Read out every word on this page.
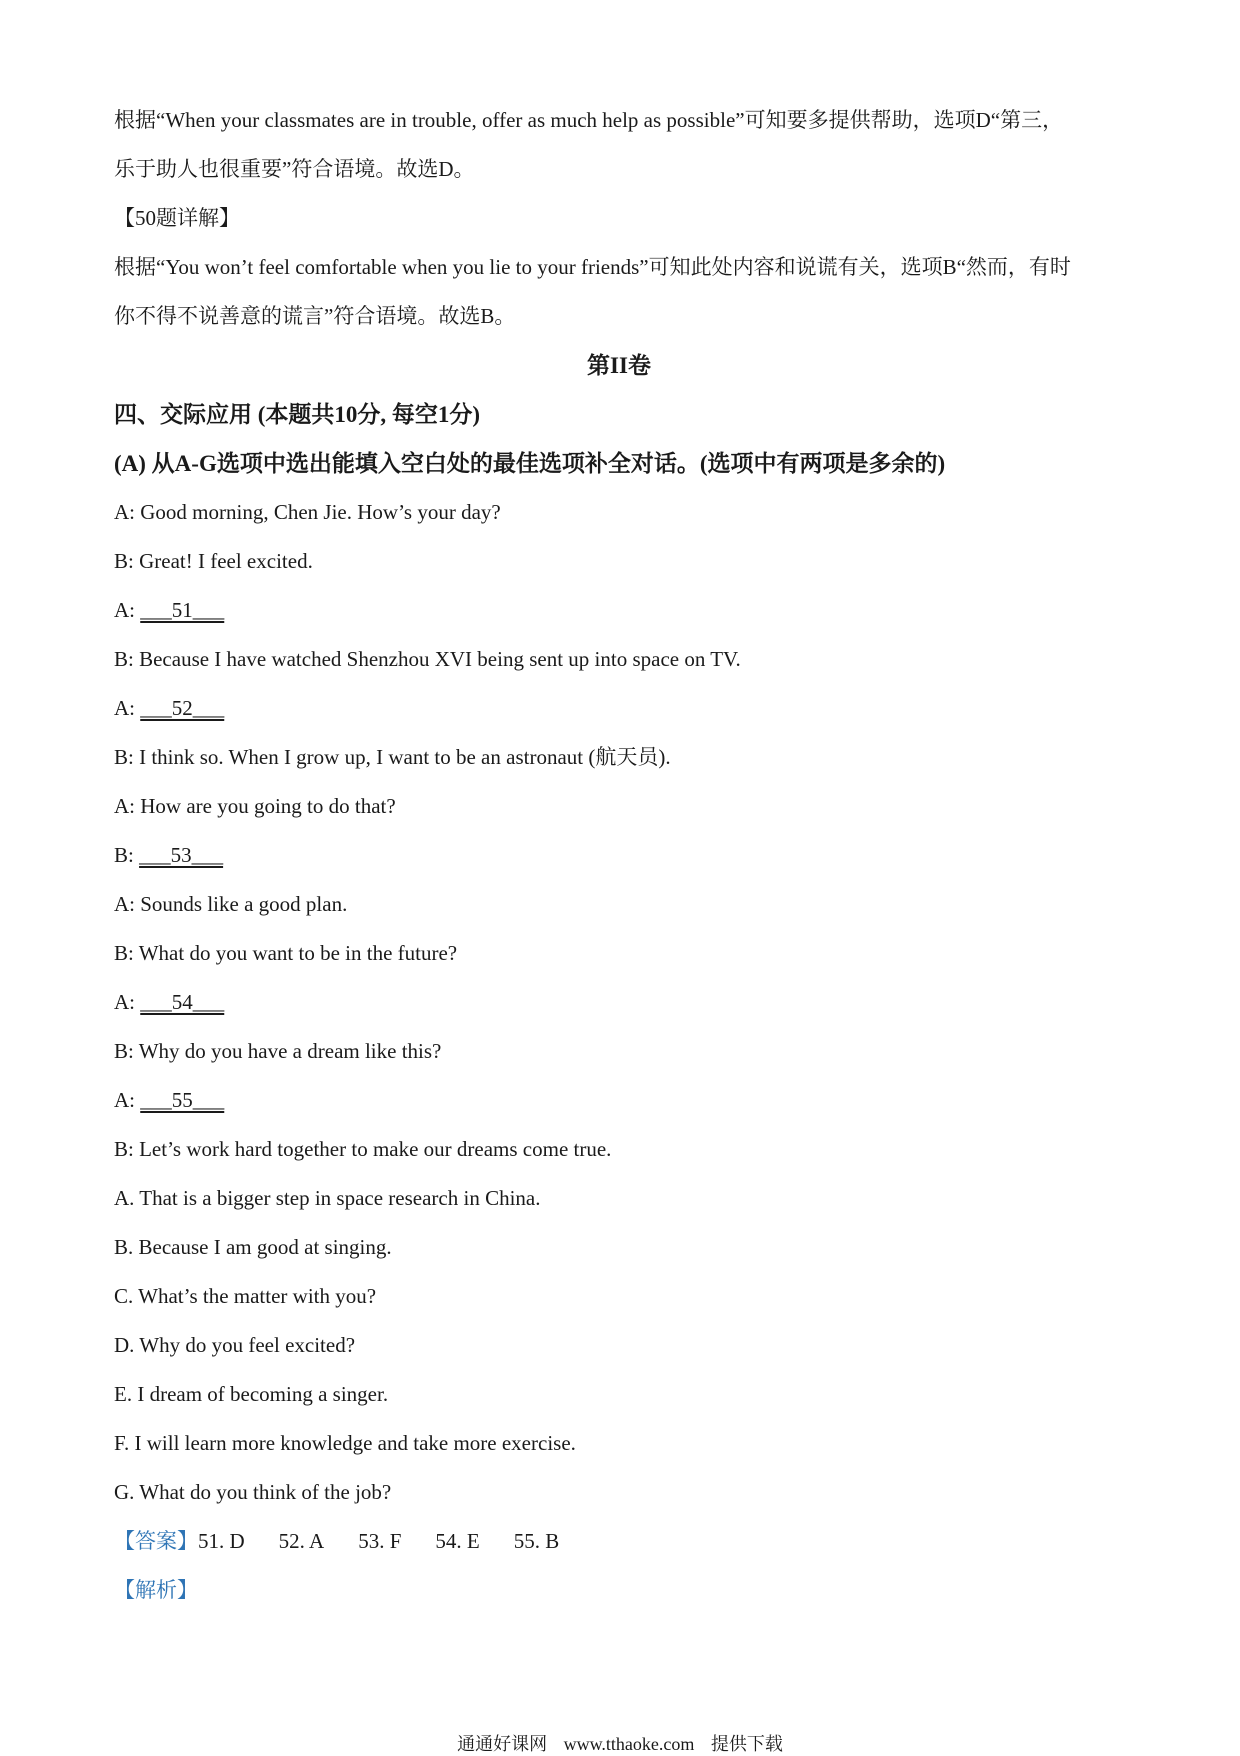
根据“When your classmates are in trouble, offer as much help as possible”可知要多提供帮助，选项D“第三，
乐于助人也很重要”符合语境。故选D。
【50题详解】
根据“You won’t feel comfortable when you lie to your friends”可知此处内容和说谎有关，选项B“然而，有时
你不得不说善意的谎言”符合语境。故选B。
第II卷
四、交际应用 (本题共10分, 每空1分)
(A) 从A-G选项中选出能填入空白处的最佳选项补全对话。(选项中有两项是多余的)
A: Good morning, Chen Jie. How’s your day?
B: Great! I feel excited.
A: ___51___
B: Because I have watched Shenzhou XVI being sent up into space on TV.
A: ___52___
B: I think so. When I grow up, I want to be an astronaut (航天员).
A: How are you going to do that?
B: ___53___
A: Sounds like a good plan.
B: What do you want to be in the future?
A: ___54___
B: Why do you have a dream like this?
A: ___55___
B: Let’s work hard together to make our dreams come true.
A. That is a bigger step in space research in China.
B. Because I am good at singing.
C. What’s the matter with you?
D. Why do you feel excited?
E. I dream of becoming a singer.
F. I will learn more knowledge and take more exercise.
G. What do you think of the job?
【答案】51. D 52. A 53. F 54. E 55. B
【解析】
通通好课网 www.tthaoke.com 提供下载
